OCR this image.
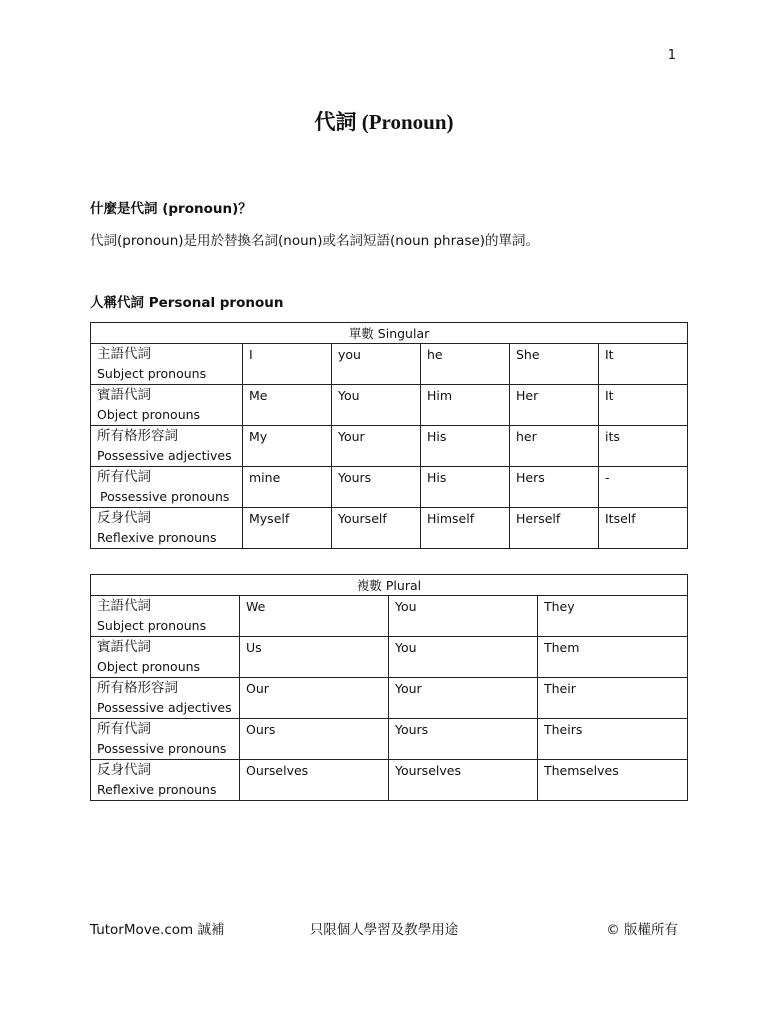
1
代詞 (Pronoun)
什麼是代詞 (pronoun)？
代詞(pronoun)是用於替換名詞(noun)或名詞短語(noun phrase)的單詞。
人稱代詞 Personal pronoun
單數 Singular					

主語代詞
Subject pronouns	I	you	he	She	It

賓語代詞
Object pronouns	Me	You	Him	Her	It

所有格形容詞
Possessive adjectives	My	Your	His	her	its

所有代詞
Possessive pronouns	mine	Yours	His	Hers	-

反身代詞
Reflexive pronouns	Myself	Yourself	Himself	Herself	Itself
複數 Plural			

主語代詞
Subject pronouns	We	You	They

賓語代詞
Object pronouns	Us	You	Them

所有格形容詞
Possessive adjectives	Our	Your	Their

所有代詞
Possessive pronouns	Ours	Yours	Theirs

反身代詞
Reflexive pronouns	Ourselves	Yourselves	Themselves
TutorMove.com 誠補	只限個人學習及教學用途	© 版權所有
